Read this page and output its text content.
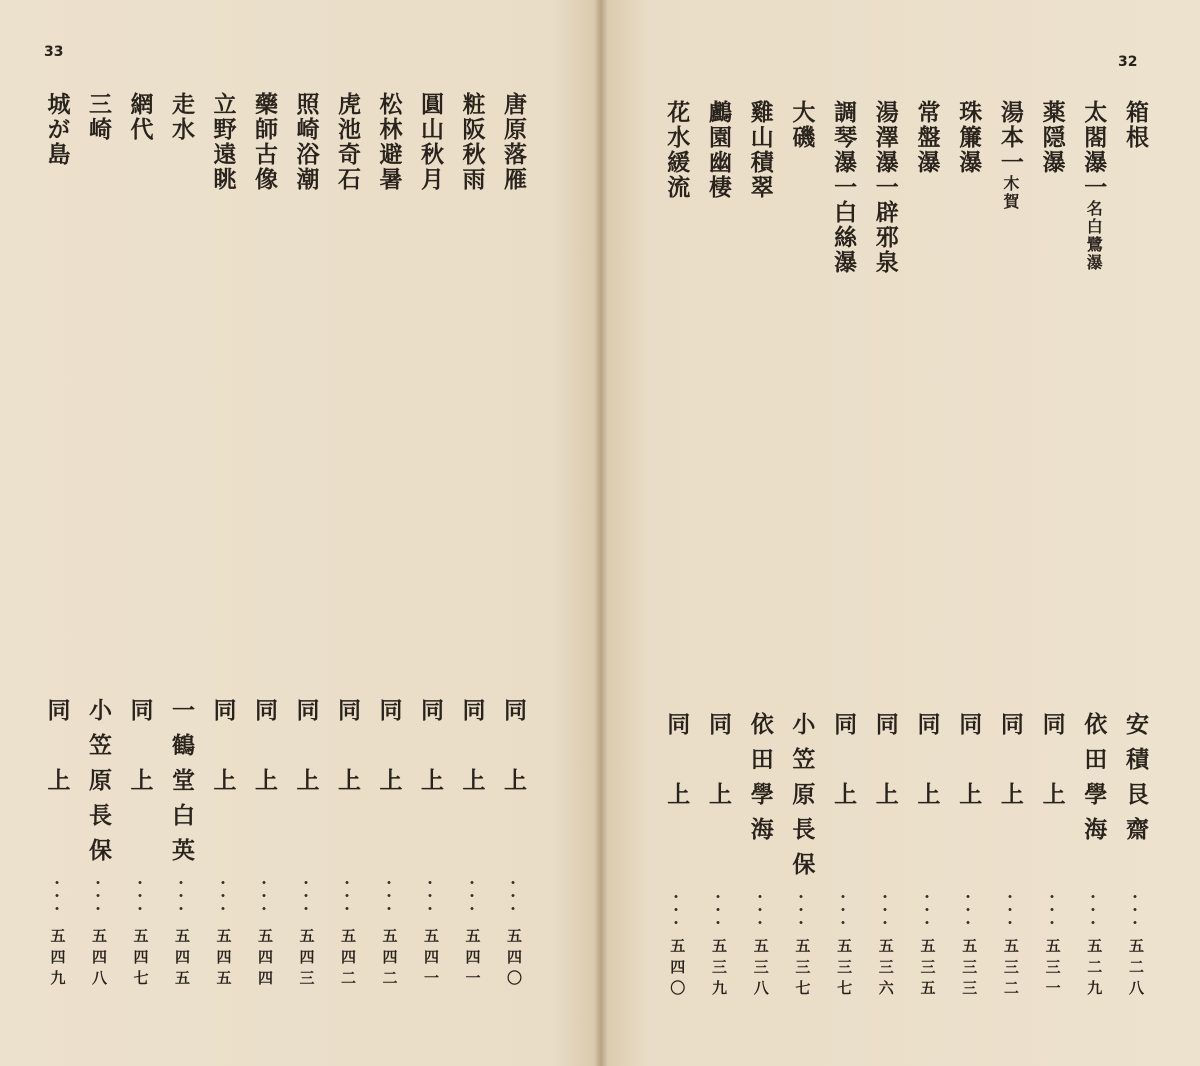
33
唐原落雁
同　上
五四〇
粧阪秋雨
同　上
五四一
圓山秋月
同　上
五四一
松林避暑
同　上
五四二
虎池奇石
同　上
五四二
照崎浴潮
同　上
五四三
藥師古像
同　上
五四四
立野遠眺
同　上
五四五
走水
一鶴堂白英
五四五
網代
同　上
五四七
三崎
小笠原長保
五四八
城が島
同　上
五四九
32
箱根
安積艮齋
五二八
太閤瀑一
名白鷺瀑
依田學海
五二九
薬隠瀑
同　上
五三一
湯本一
木賀
同　上
五三二
珠簾瀑
同　上
五三三
常盤瀑
同　上
五三五
湯澤瀑一辟邪泉
同　上
五三六
調琴瀑一白絲瀑
同　上
五三七
大磯
小笠原長保
五三七
雞山積翠
依田學海
五三八
鸕園幽棲
同　上
五三九
花水緩流
同　上
五四〇
